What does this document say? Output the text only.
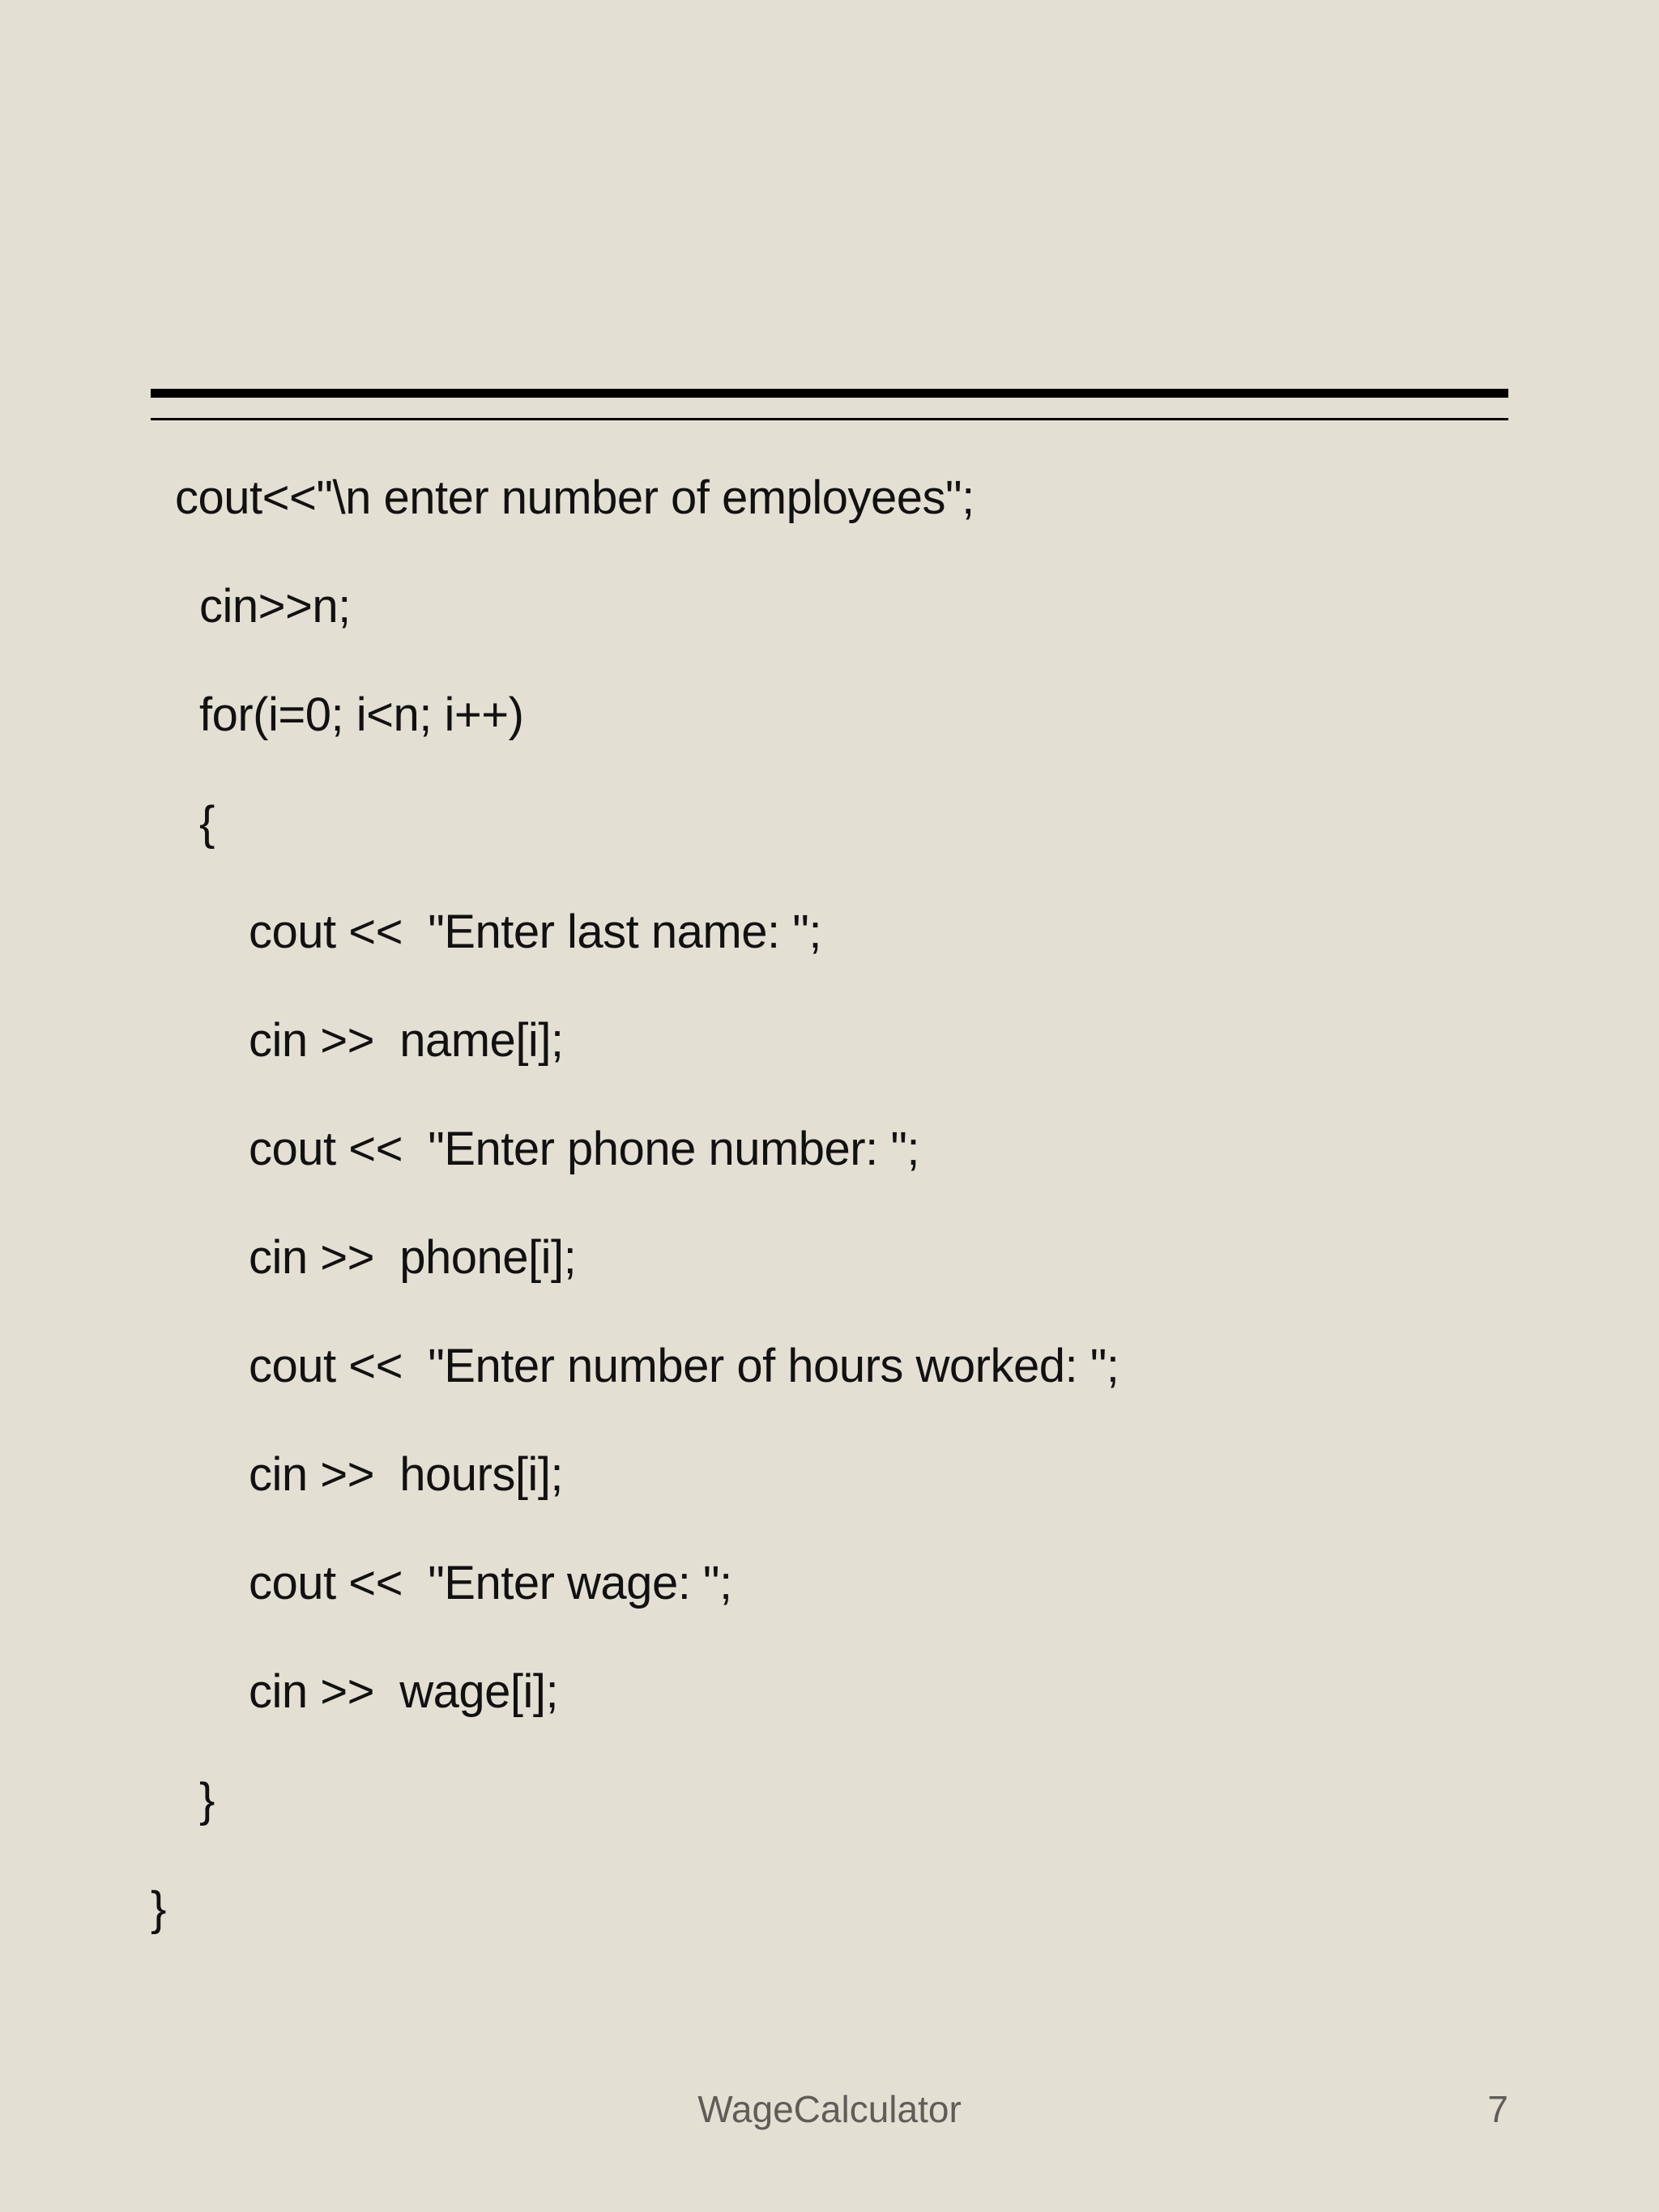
cout<<"\n enter number of employees";
cin>>n;
for(i=0; i<n; i++)
{
cout <<  "Enter last name: ";
cin >>  name[i];
cout <<  "Enter phone number: ";
cin >>  phone[i];
cout <<  "Enter number of hours worked: ";
cin >>  hours[i];
cout <<  "Enter wage: ";
cin >>  wage[i];
}
}
WageCalculator	7
